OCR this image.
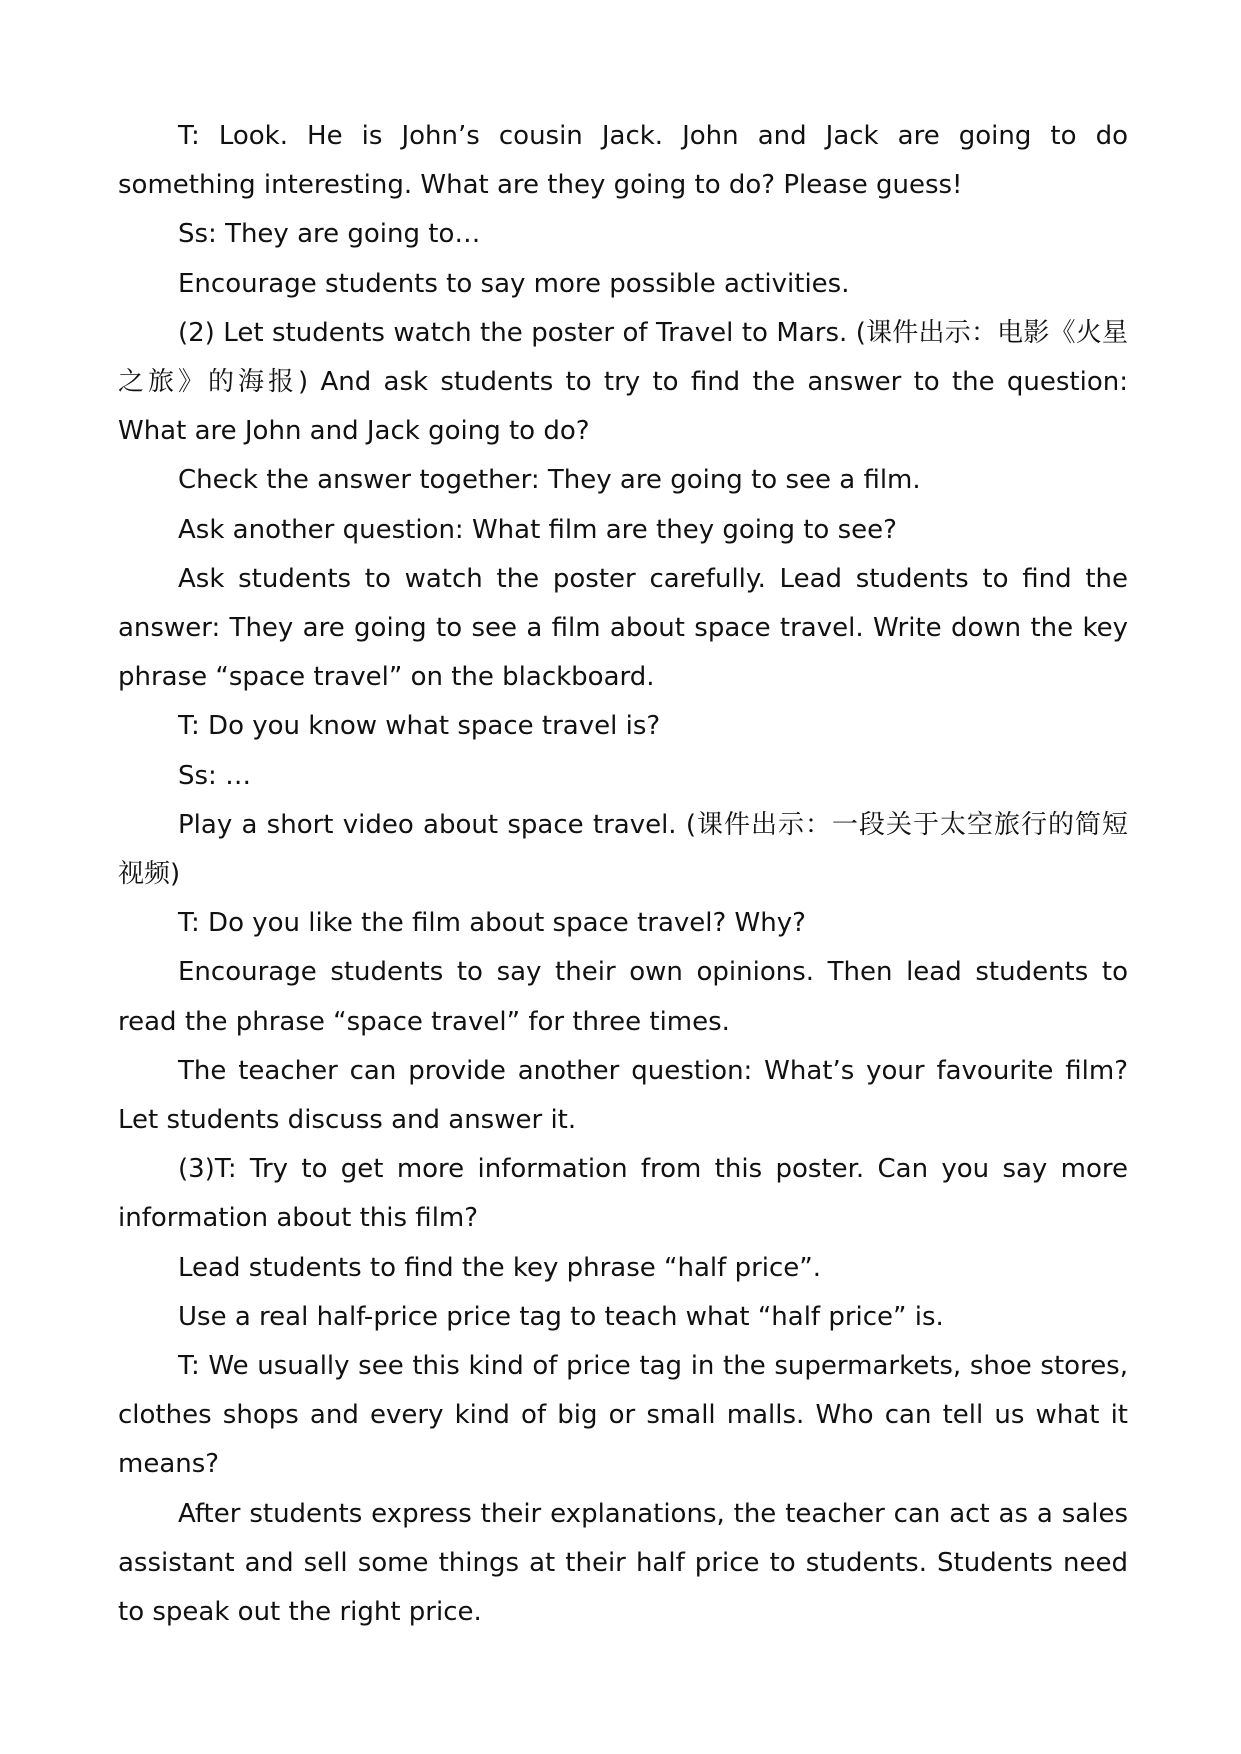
T: Look. He is John’s cousin Jack. John and Jack are going to do something interesting. What are they going to do? Please guess!

Ss: They are going to…

Encourage students to say more possible activities.

(2) Let students watch the poster of Travel to Mars. (课件出示：电影《火星之旅》的海报) And ask students to try to find the answer to the question: What are John and Jack going to do?

Check the answer together: They are going to see a film.

Ask another question: What film are they going to see?

Ask students to watch the poster carefully. Lead students to find the answer: They are going to see a film about space travel. Write down the key phrase “space travel” on the blackboard.

T: Do you know what space travel is?

Ss: …

Play a short video about space travel. (课件出示：一段关于太空旅行的简短视频)

T: Do you like the film about space travel? Why?

Encourage students to say their own opinions. Then lead students to read the phrase “space travel” for three times.

The teacher can provide another question: What’s your favourite film? Let students discuss and answer it.

(3)T: Try to get more information from this poster. Can you say more information about this film?

Lead students to find the key phrase “half price”.

Use a real half-price price tag to teach what “half price” is.

T: We usually see this kind of price tag in the supermarkets, shoe stores, clothes shops and every kind of big or small malls. Who can tell us what it means?

After students express their explanations, the teacher can act as a sales assistant and sell some things at their half price to students. Students need to speak out the right price.
